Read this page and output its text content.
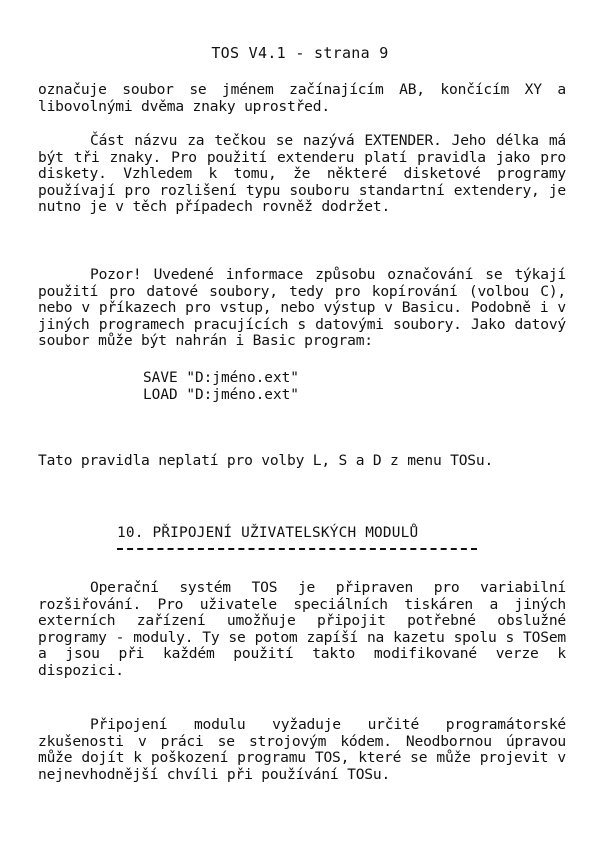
TOS V4.1 - strana 9

označuje soubor se jménem začínajícím AB, končícím XY a libovolnými dvěma znaky uprostřed.

Část názvu za tečkou se nazývá EXTENDER. Jeho délka má být tři znaky. Pro použití extenderu platí pravidla jako pro diskety. Vzhledem k tomu, že některé disketové programy používají pro rozlišení typu souboru standartní extendery, je nutno je v těch případech rovněž dodržet.

Pozor! Uvedené informace způsobu označování se týkají použití pro datové soubory, tedy pro kopírování (volbou C), nebo v příkazech pro vstup, nebo výstup v Basicu. Podobně i v jiných programech pracujících s datovými soubory. Jako datový soubor může být nahrán i Basic program:

SAVE "D:jméno.ext"
LOAD "D:jméno.ext"

Tato pravidla neplatí pro volby L, S a D z menu TOSu.

10. PŘIPOJENÍ UŽIVATELSKÝCH MODULŮ

Operační systém TOS je připraven pro variabilní rozšiřování. Pro uživatele speciálních tiskáren a jiných externích zařízení umožňuje připojit potřebné obslužné programy - moduly. Ty se potom zapíší na kazetu spolu s TOSem a jsou při každém použití takto modifikované verze k dispozici.

Připojení modulu vyžaduje určité programátorské zkušenosti v práci se strojovým kódem. Neodbornou úpravou může dojít k poškození programu TOS, které se může projevit v nejnevhodnější chvíli při používání TOSu.
